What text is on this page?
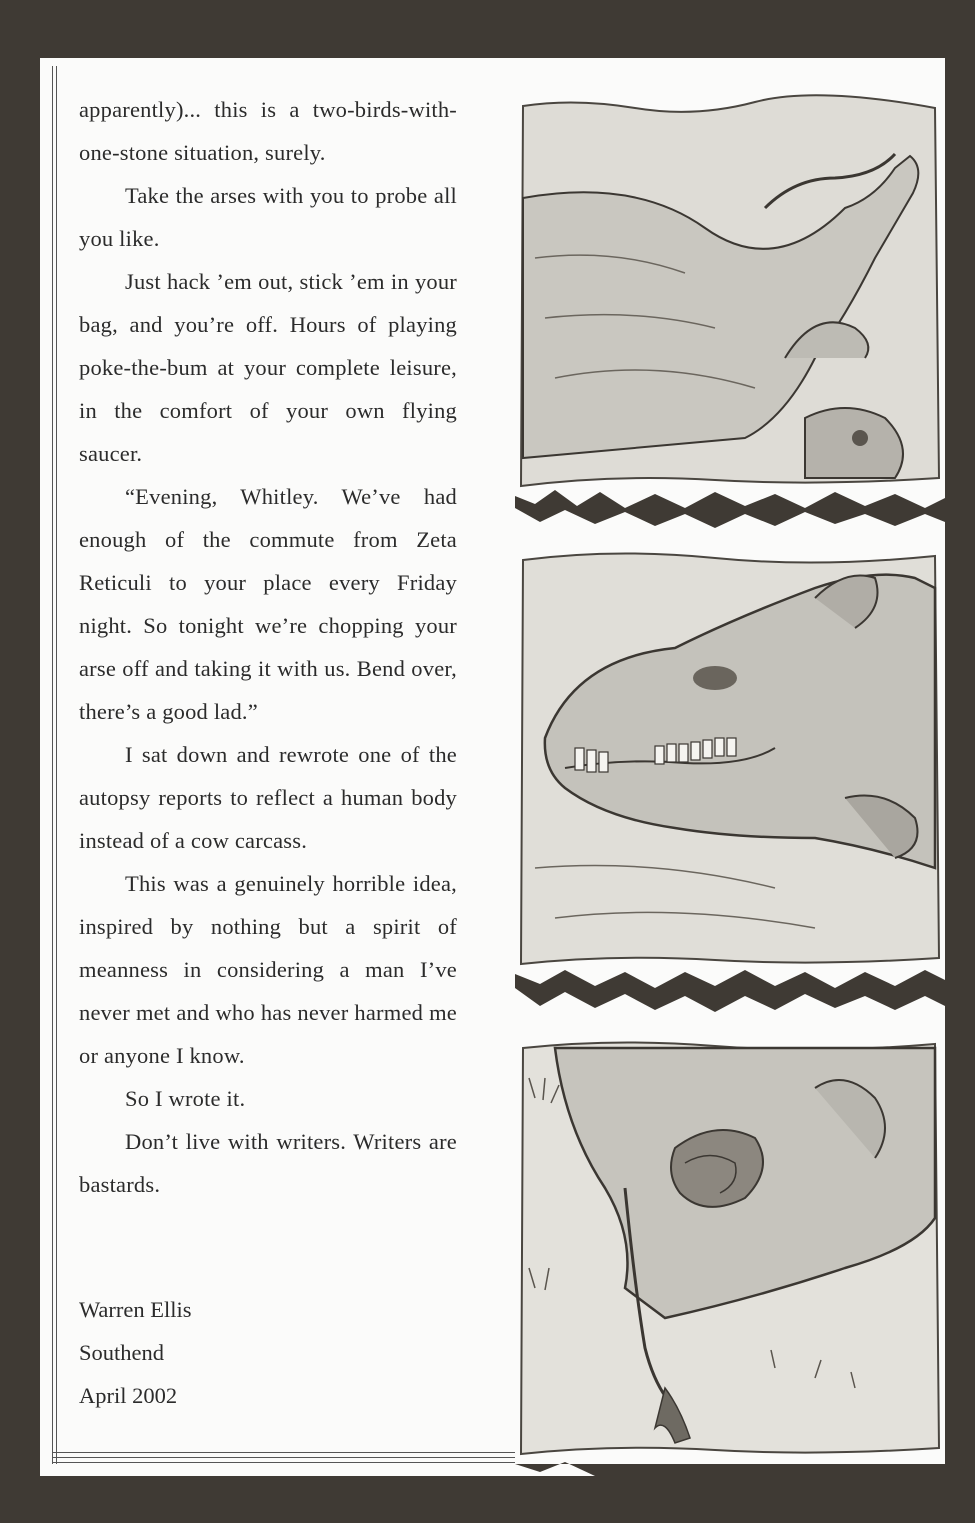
apparently)... this is a two-birds-with-one-stone situation, surely.

Take the arses with you to probe all you like.

Just hack ’em out, stick ’em in your bag, and you’re off. Hours of playing poke-the-bum at your complete leisure, in the comfort of your own flying saucer.

“Evening, Whitley. We’ve had enough of the commute from Zeta Reticuli to your place every Friday night. So tonight we’re chopping your arse off and taking it with us. Bend over, there’s a good lad.”

I sat down and rewrote one of the autopsy reports to reflect a human body instead of a cow carcass.

This was a genuinely horrible idea, inspired by nothing but a spirit of meanness in considering a man I’ve never met and who has never harmed me or anyone I know.

So I wrote it.

Don’t live with writers. Writers are bastards.

Warren Ellis
Southend
April 2002
